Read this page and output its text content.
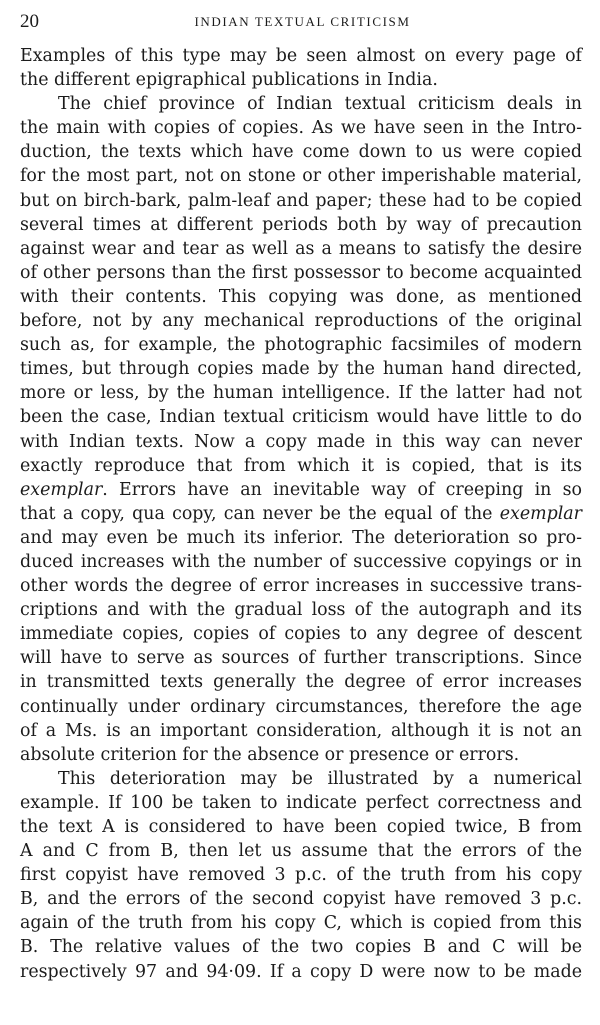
20	INDIAN TEXTUAL CRITICISM
Examples of this type may be seen almost on every page of
the different epigraphical publications in India.
The chief province of Indian textual criticism deals in
the main with copies of copies. As we have seen in the Intro-
duction, the texts which have come down to us were copied
for the most part, not on stone or other imperishable material,
but on birch-bark, palm-leaf and paper; these had to be copied
several times at different periods both by way of precaution
against wear and tear as well as a means to satisfy the desire
of other persons than the first possessor to become acquainted
with their contents. This copying was done, as mentioned
before, not by any mechanical reproductions of the original
such as, for example, the photographic facsimiles of modern
times, but through copies made by the human hand directed,
more or less, by the human intelligence. If the latter had not
been the case, Indian textual criticism would have little to do
with Indian texts. Now a copy made in this way can never
exactly reproduce that from which it is copied, that is its
exemplar. Errors have an inevitable way of creeping in so
that a copy, qua copy, can never be the equal of the exemplar
and may even be much its inferior. The deterioration so pro-
duced increases with the number of successive copyings or in
other words the degree of error increases in successive trans-
criptions and with the gradual loss of the autograph and its
immediate copies, copies of copies to any degree of descent
will have to serve as sources of further transcriptions. Since
in transmitted texts generally the degree of error increases
continually under ordinary circumstances, therefore the age
of a Ms. is an important consideration, although it is not an
absolute criterion for the absence or presence or errors.
This deterioration may be illustrated by a numerical
example. If 100 be taken to indicate perfect correctness and
the text A is considered to have been copied twice, B from
A and C from B, then let us assume that the errors of the
first copyist have removed 3 p.c. of the truth from his copy
B, and the errors of the second copyist have removed 3 p.c.
again of the truth from his copy C, which is copied from this
B. The relative values of the two copies B and C will be
respectively 97 and 94·09. If a copy D were now to be made
